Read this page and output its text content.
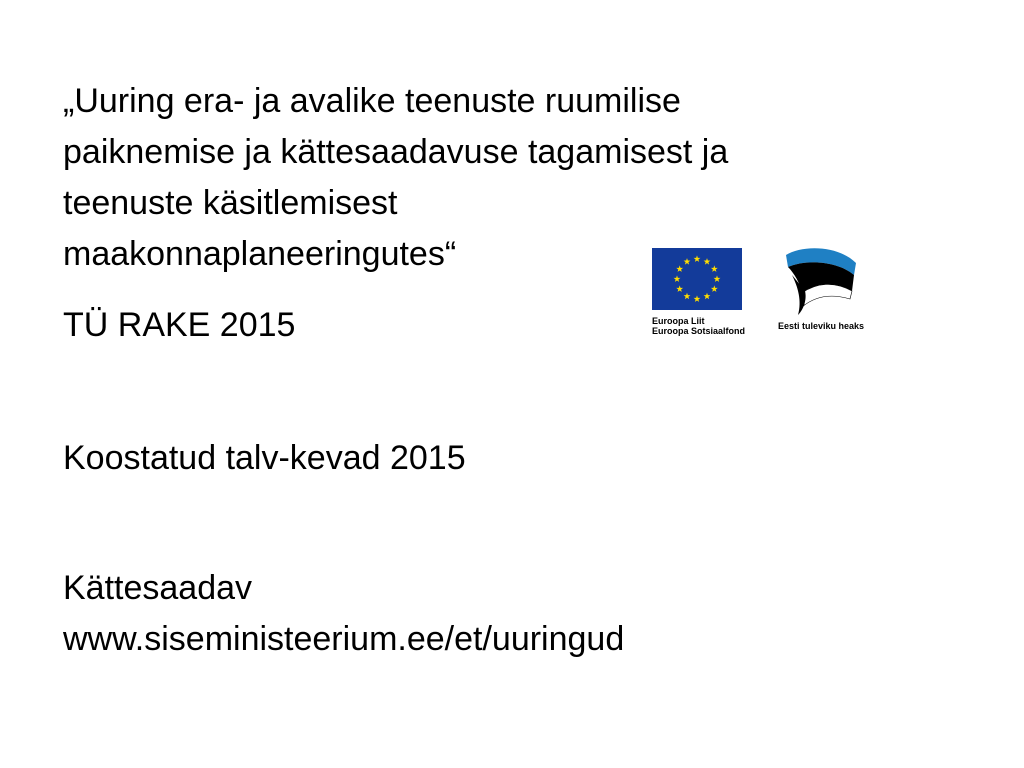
„Uuring era- ja avalike teenuste ruumilise
paiknemise ja kättesaadavuse tagamisest ja
teenuste käsitlemisest
maakonnaplaneeringutes“
TÜ RAKE 2015
Koostatud talv-kevad 2015
Kättesaadav
www.siseministeerium.ee/et/uuringud
Euroopa Liit
Euroopa Sotsiaalfond	Eesti tuleviku heaks
